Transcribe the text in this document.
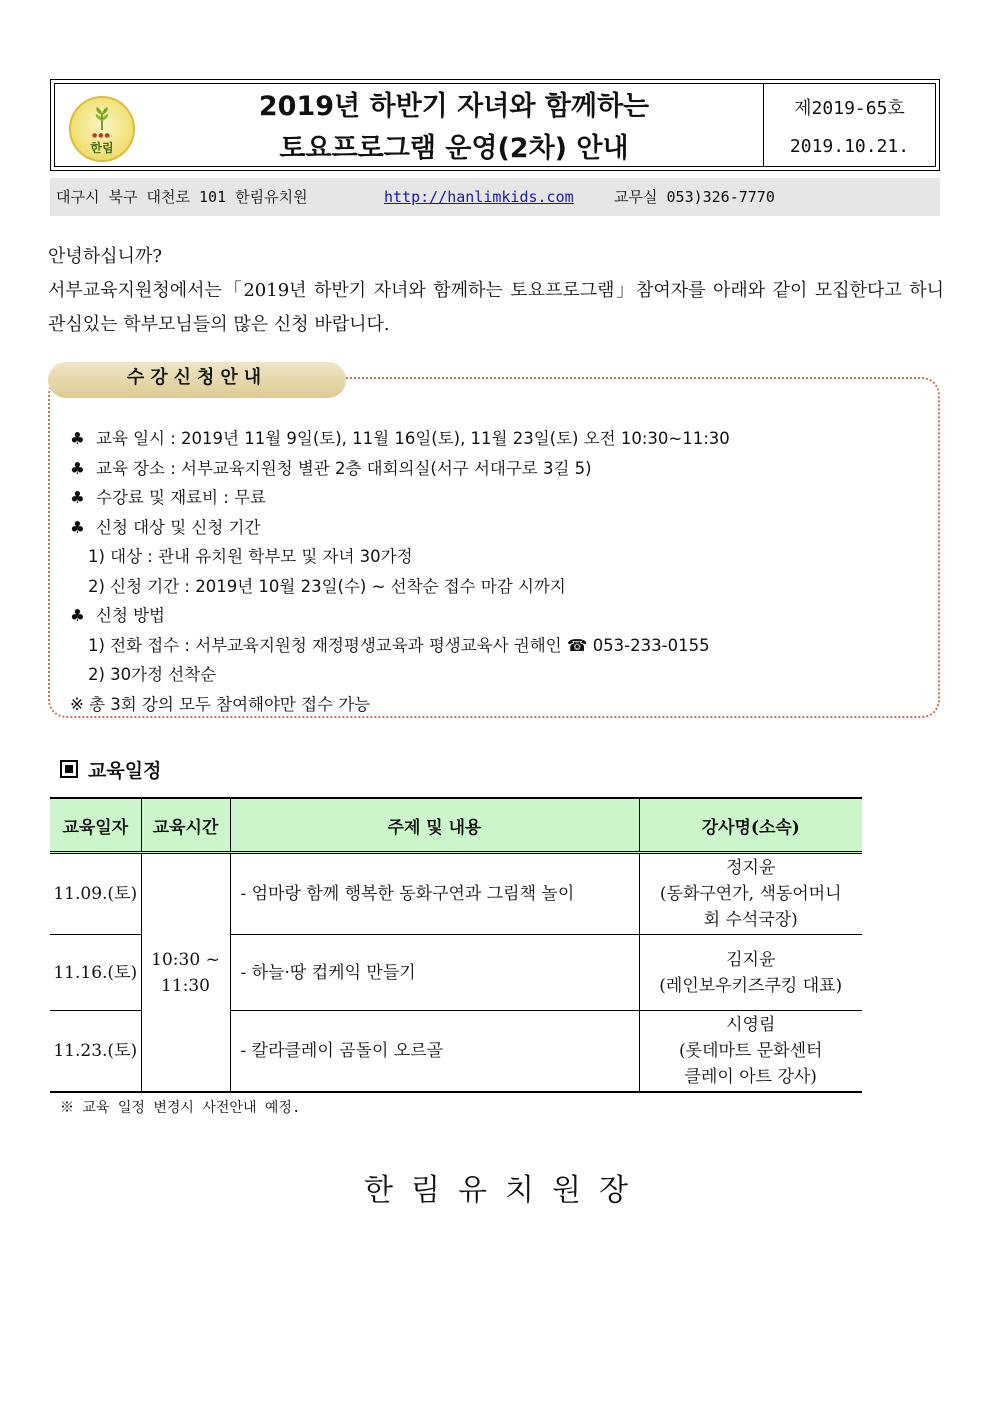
●●●
한림
2019년 하반기 자녀와 함께하는
토요프로그램 운영(2차) 안내
제2019-65호
2019.10.21.
대구시 북구 대천로 101 한림유치원	http://hanlimkids.com	교무실 053)326-7770

안녕하십니까?

서부교육지원청에서는「2019년 하반기 자녀와 함께하는 토요프로그램」참여자를 아래와 같이 모집한다고 하니 관심있는 학부모님들의 많은 신청 바랍니다.

수강신청안내
♣ 교육 일시 : 2019년 11월 9일(토), 11월 16일(토), 11월 23일(토) 오전 10:30~11:30
♣ 교육 장소 : 서부교육지원청 별관 2층 대회의실(서구 서대구로 3길 5)
♣ 수강료 및 재료비 : 무료
♣ 신청 대상 및 신청 기간
1) 대상 : 관내 유치원 학부모 및 자녀 30가정
2) 신청 기간 : 2019년 10월 23일(수) ~ 선착순 접수 마감 시까지
♣ 신청 방법
1) 전화 접수 : 서부교육지원청 재정평생교육과 평생교육사 권해인 ☎ 053-233-0155
2) 30가정 선착순
※ 총 3회 강의 모두 참여해야만 접수 가능
교육일정
교육일자	교육시간	주제 및 내용	강사명(소속)
11.09.(토)	10:30 ~ 11:30	- 엄마랑 함께 행복한 동화구연과 그림책 놀이	정지윤
(동화구연가, 색동어머니회 수석국장)

11.16.(토)		- 하늘·땅 컵케익 만들기	김지윤
(레인보우키즈쿠킹 대표)

11.23.(토)		- 칼라클레이 곰돌이 오르골	시영림
(롯데마트 문화센터 클레이 아트 강사)
※ 교육 일정 변경시 사전안내 예정.
한림유치원장
